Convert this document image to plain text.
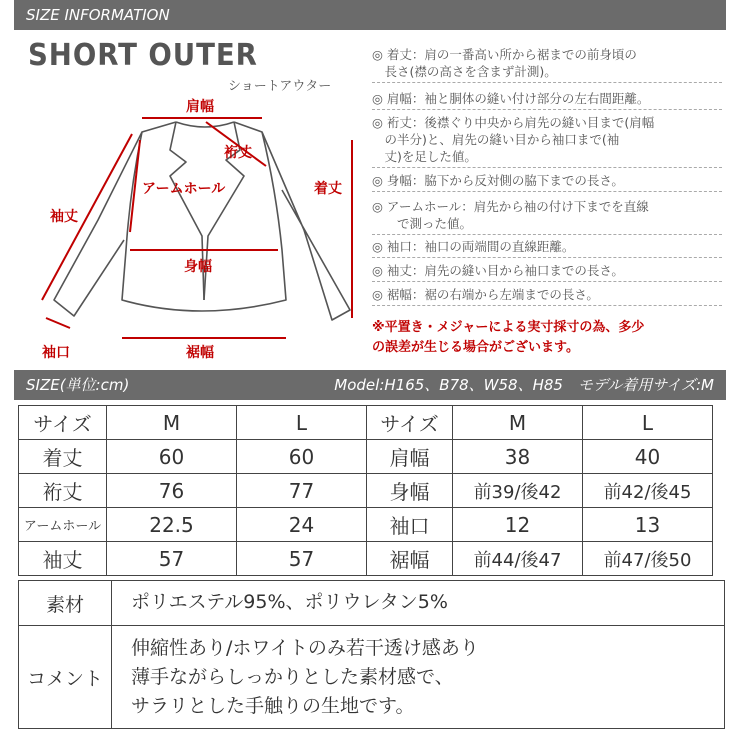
SIZE INFORMATION
SHORT OUTER
ショートアウター
肩幅
裄丈
アームホール	着丈
袖丈
身幅
袖口	裾幅
◎ 着丈：肩の一番高い所から裾までの前身頃の
　長さ(襟の高さを含まず計測)。
◎ 肩幅：袖と胴体の縫い付け部分の左右間距離。
◎ 裄丈：後襟ぐり中央から肩先の縫い目まで(肩幅
　の半分)と、肩先の縫い目から袖口まで(袖
　丈)を足した値。
◎ 身幅：脇下から反対側の脇下までの長さ。
◎ アームホール：肩先から袖の付け下までを直線
　　で測った値。
◎ 袖口：袖口の両端間の直線距離。
◎ 袖丈：肩先の縫い目から袖口までの長さ。
◎ 裾幅：裾の右端から左端までの長さ。
※平置き・メジャーによる実寸採寸の為、多少
の誤差が生じる場合がございます。
SIZE(単位:cm)	Model:H165、B78、W58、H85　モデル着用サイズ:M
サイズ	M	L	サイズ	M	L
着丈	60	60	肩幅	38	40
裄丈	76	77	身幅	前39/後42	前42/後45
アームホール	22.5	24	袖口	12	13
袖丈	57	57	裾幅	前44/後47	前47/後50
素材	ポリエステル95%、ポリウレタン5%
コメント
伸縮性あり/ホワイトのみ若干透け感あり
薄手ながらしっかりとした素材感で、
サラリとした手触りの生地です。
